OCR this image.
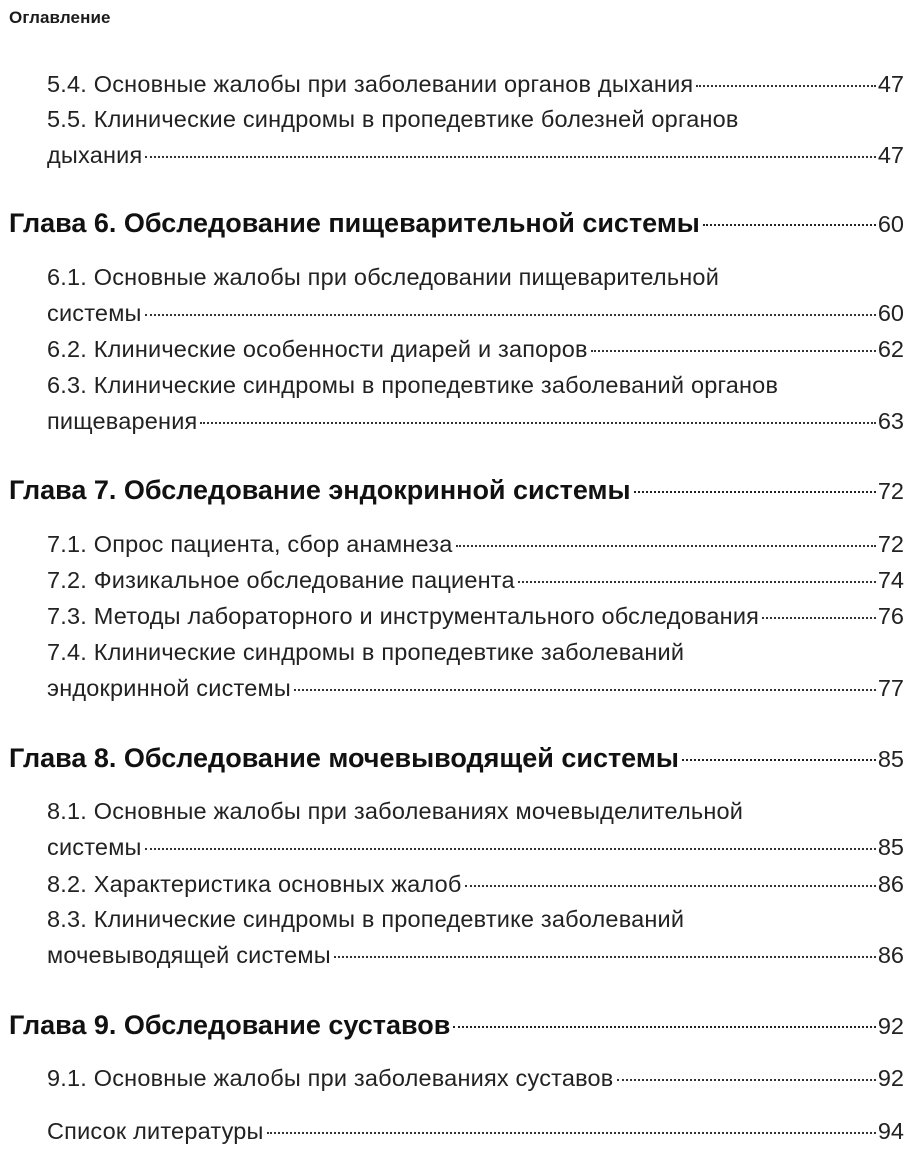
Оглавление
5.4. Основные жалобы при заболевании органов дыхания	47
5.5. Клинические синдромы в пропедевтике болезней органов
дыхания	47
Глава 6. Обследование пищеварительной системы	60
6.1. Основные жалобы при обследовании пищеварительной
системы	60
6.2. Клинические особенности диарей и запоров	62
6.3. Клинические синдромы в пропедевтике заболеваний органов
пищеварения	63
Глава 7. Обследование эндокринной системы	72
7.1. Опрос пациента, сбор анамнеза	72
7.2. Физикальное обследование пациента	74
7.3. Методы лабораторного и инструментального обследования	76
7.4. Клинические синдромы в пропедевтике заболеваний
эндокринной системы	77
Глава 8. Обследование мочевыводящей системы	85
8.1. Основные жалобы при заболеваниях мочевыделительной
системы	85
8.2. Характеристика основных жалоб	86
8.3. Клинические синдромы в пропедевтике заболеваний
мочевыводящей системы	86
Глава 9. Обследование суставов	92
9.1. Основные жалобы при заболеваниях суставов	92
Список литературы	94
